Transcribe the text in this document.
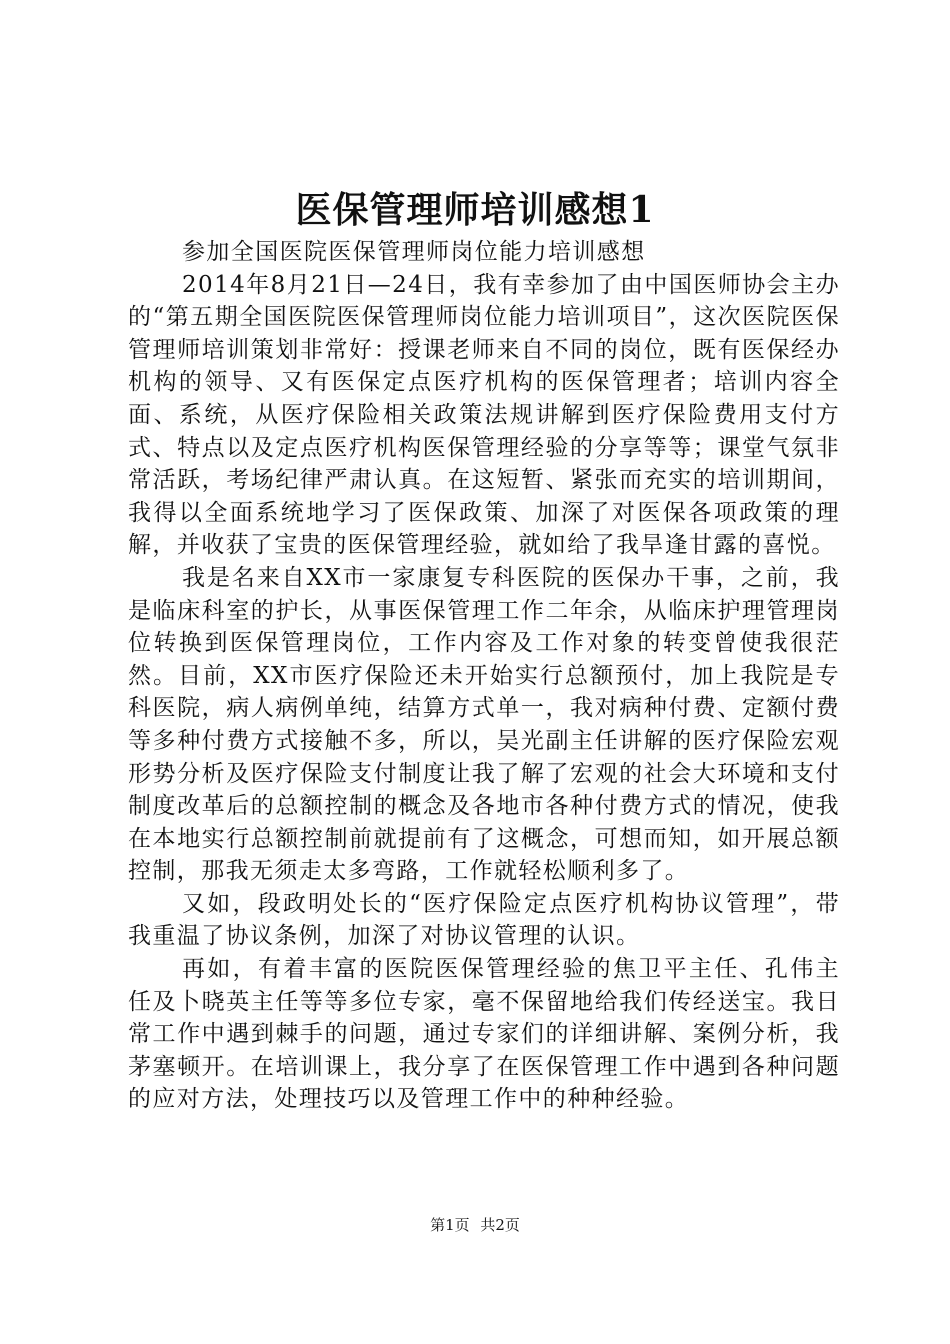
医保管理师培训感想1

参加全国医院医保管理师岗位能力培训感想

2014年8月21日—24日，我有幸参加了由中国医师协会主办的“第五期全国医院医保管理师岗位能力培训项目”，这次医院医保管理师培训策划非常好：授课老师来自不同的岗位，既有医保经办机构的领导、又有医保定点医疗机构的医保管理者；培训内容全面、系统，从医疗保险相关政策法规讲解到医疗保险费用支付方式、特点以及定点医疗机构医保管理经验的分享等等；课堂气氛非常活跃，考场纪律严肃认真。在这短暂、紧张而充实的培训期间，我得以全面系统地学习了医保政策、加深了对医保各项政策的理解，并收获了宝贵的医保管理经验，就如给了我旱逢甘露的喜悦。

我是名来自XX市一家康复专科医院的医保办干事，之前，我是临床科室的护长，从事医保管理工作二年余，从临床护理管理岗位转换到医保管理岗位，工作内容及工作对象的转变曾使我很茫然。目前，XX市医疗保险还未开始实行总额预付，加上我院是专科医院，病人病例单纯，结算方式单一，我对病种付费、定额付费等多种付费方式接触不多，所以，吴光副主任讲解的医疗保险宏观形势分析及医疗保险支付制度让我了解了宏观的社会大环境和支付制度改革后的总额控制的概念及各地市各种付费方式的情况，使我在本地实行总额控制前就提前有了这概念，可想而知，如开展总额控制，那我无须走太多弯路，工作就轻松顺利多了。

又如，段政明处长的“医疗保险定点医疗机构协议管理”，带我重温了协议条例，加深了对协议管理的认识。

再如，有着丰富的医院医保管理经验的焦卫平主任、孔伟主任及卜晓英主任等等多位专家，毫不保留地给我们传经送宝。我日常工作中遇到棘手的问题，通过专家们的详细讲解、案例分析，我茅塞顿开。在培训课上，我分享了在医保管理工作中遇到各种问题的应对方法，处理技巧以及管理工作中的种种经验。

第1页 共2页
